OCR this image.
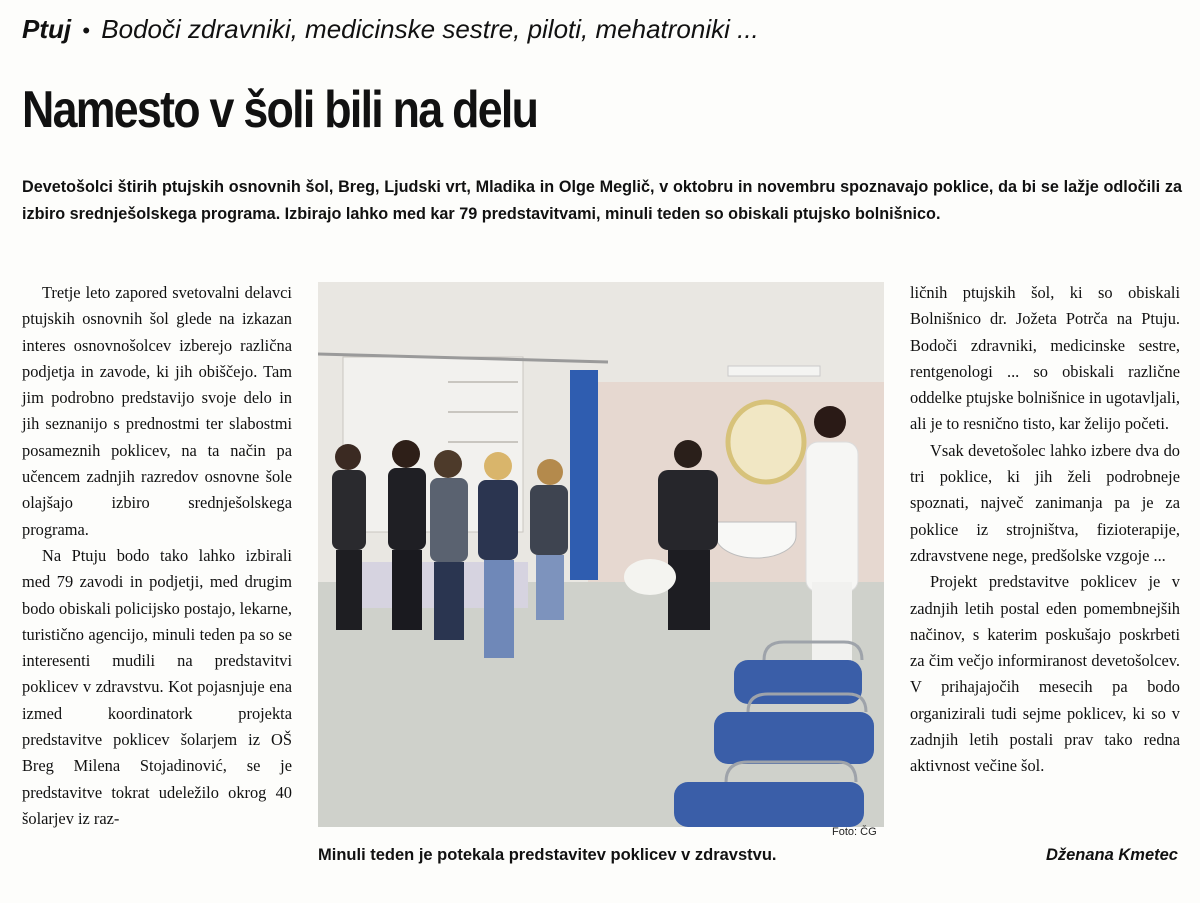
Ptuj • Bodoči zdravniki, medicinske sestre, piloti, mehatroniki ...
Namesto v šoli bili na delu
Devetošolci štirih ptujskih osnovnih šol, Breg, Ljudski vrt, Mladika in Olge Meglič, v oktobru in novembru spoznavajo poklice, da bi se lažje odločili za izbiro srednješolskega programa. Izbirajo lahko med kar 79 predstavitvami, minuli teden so obiskali ptujsko bolnišnico.

Tretje leto zapored svetovalni delavci ptujskih osnovnih šol glede na izkazan interes osnovnošolcev izberejo različna podjetja in zavode, ki jih obiščejo. Tam jim podrobno predstavijo svoje delo in jih seznanijo s prednostmi ter slabostmi posameznih poklicev, na ta način pa učencem zadnjih razredov osnovne šole olajšajo izbiro srednješolskega programa.

Na Ptuju bodo tako lahko izbirali med 79 zavodi in podjetji, med drugim bodo obiskali policijsko postajo, lekarne, turistično agencijo, minuli teden pa so se interesenti mudili na predstavitvi poklicev v zdravstvu. Kot pojasnjuje ena izmed koordinatork projekta predstavitve poklicev šolarjem iz OŠ Breg Milena Stojadinović, se je predstavitve tokrat udeležilo okrog 40 šolarjev iz raz-

Foto: ČG
Minuli teden je potekala predstavitev poklicev v zdravstvu.

ličnih ptujskih šol, ki so obiskali Bolnišnico dr. Jožeta Potrča na Ptuju. Bodoči zdravniki, medicinske sestre, rentgenologi ... so obiskali različne oddelke ptujske bolnišnice in ugotavljali, ali je to resnično tisto, kar želijo početi.

Vsak devetošolec lahko izbere dva do tri poklice, ki jih želi podrobneje spoznati, največ zanimanja pa je za poklice iz strojništva, fizioterapije, zdravstvene nege, predšolske vzgoje ...

Projekt predstavitve poklicev je v zadnjih letih postal eden pomembnejših načinov, s katerim poskušajo poskrbeti za čim večjo informiranost devetošolcev. V prihajajočih mesecih pa bodo organizirali tudi sejme poklicev, ki so v zadnjih letih postali prav tako redna aktivnost večine šol.

Dženana Kmetec
